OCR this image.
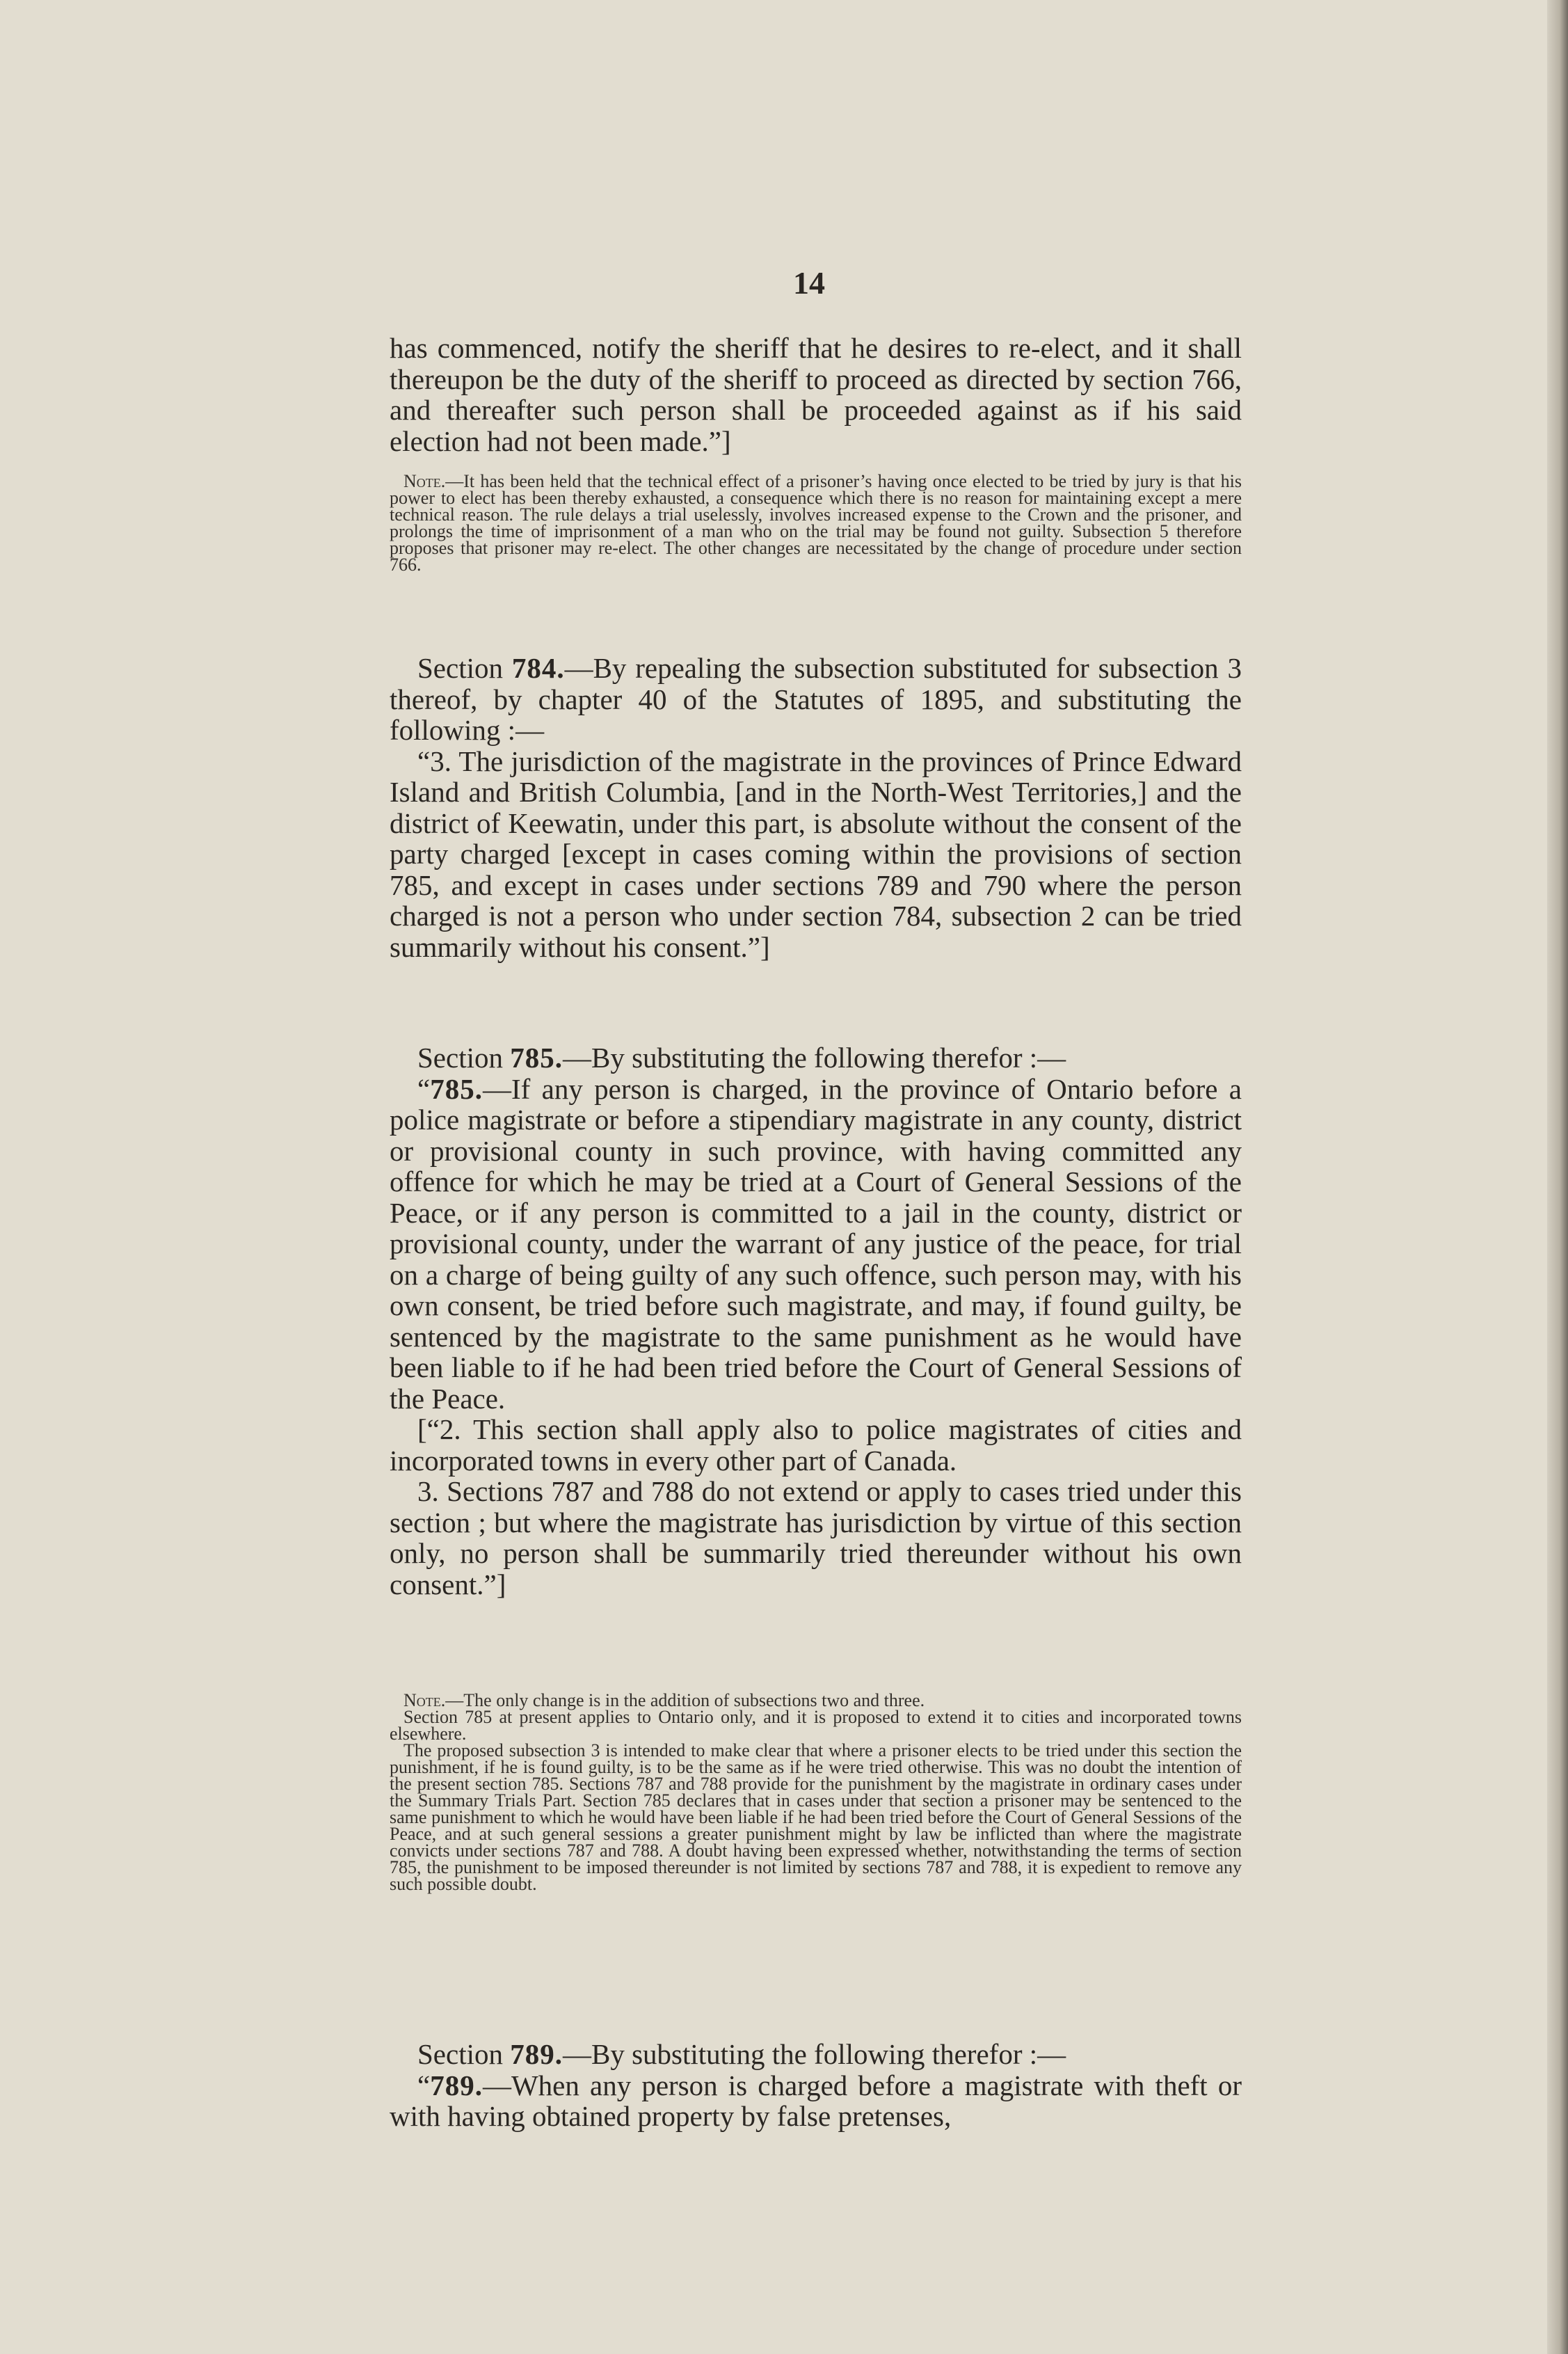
14

has commenced, notify the sheriff that he desires to re-elect, and it shall thereupon be the duty of the sheriff to proceed as directed by section 766, and thereafter such person shall be proceeded against as if his said election had not been made.”]

Note.—It has been held that the technical effect of a prisoner’s having once elected to be tried by jury is that his power to elect has been thereby exhausted, a consequence which there is no reason for maintaining except a mere technical reason. The rule delays a trial uselessly, involves increased expense to the Crown and the prisoner, and prolongs the time of imprisonment of a man who on the trial may be found not guilty. Subsection 5 therefore proposes that prisoner may re-elect. The other changes are necessitated by the change of procedure under section 766.

Section 784.—By repealing the subsection substituted for subsection 3 thereof, by chapter 40 of the Statutes of 1895, and substituting the following :—

“3. The jurisdiction of the magistrate in the provinces of Prince Edward Island and British Columbia, [and in the North-West Territories,] and the district of Keewatin, under this part, is absolute without the consent of the party charged [except in cases coming within the provisions of section 785, and except in cases under sections 789 and 790 where the person charged is not a person who under section 784, subsection 2 can be tried summarily without his consent.”]

Section 785.—By substituting the following therefor :—

“785.—If any person is charged, in the province of Ontario before a police magistrate or before a stipendiary magistrate in any county, district or provisional county in such province, with having committed any offence for which he may be tried at a Court of General Sessions of the Peace, or if any person is committed to a jail in the county, district or provisional county, under the warrant of any justice of the peace, for trial on a charge of being guilty of any such offence, such person may, with his own consent, be tried before such magistrate, and may, if found guilty, be sentenced by the magistrate to the same punishment as he would have been liable to if he had been tried before the Court of General Sessions of the Peace.

[“2. This section shall apply also to police magistrates of cities and incorporated towns in every other part of Canada.

3. Sections 787 and 788 do not extend or apply to cases tried under this section ; but where the magistrate has jurisdiction by virtue of this section only, no person shall be summarily tried thereunder without his own consent.”]

Note.—The only change is in the addition of subsections two and three.

Section 785 at present applies to Ontario only, and it is proposed to extend it to cities and incorporated towns elsewhere.

The proposed subsection 3 is intended to make clear that where a prisoner elects to be tried under this section the punishment, if he is found guilty, is to be the same as if he were tried otherwise. This was no doubt the intention of the present section 785. Sections 787 and 788 provide for the punishment by the magistrate in ordinary cases under the Summary Trials Part. Section 785 declares that in cases under that section a prisoner may be sentenced to the same punishment to which he would have been liable if he had been tried before the Court of General Sessions of the Peace, and at such general sessions a greater punishment might by law be inflicted than where the magistrate convicts under sections 787 and 788. A doubt having been expressed whether, notwithstanding the terms of section 785, the punishment to be imposed thereunder is not limited by sections 787 and 788, it is expedient to remove any such possible doubt.

Section 789.—By substituting the following therefor :—

“789.—When any person is charged before a magistrate with theft or with having obtained property by false pretenses,
